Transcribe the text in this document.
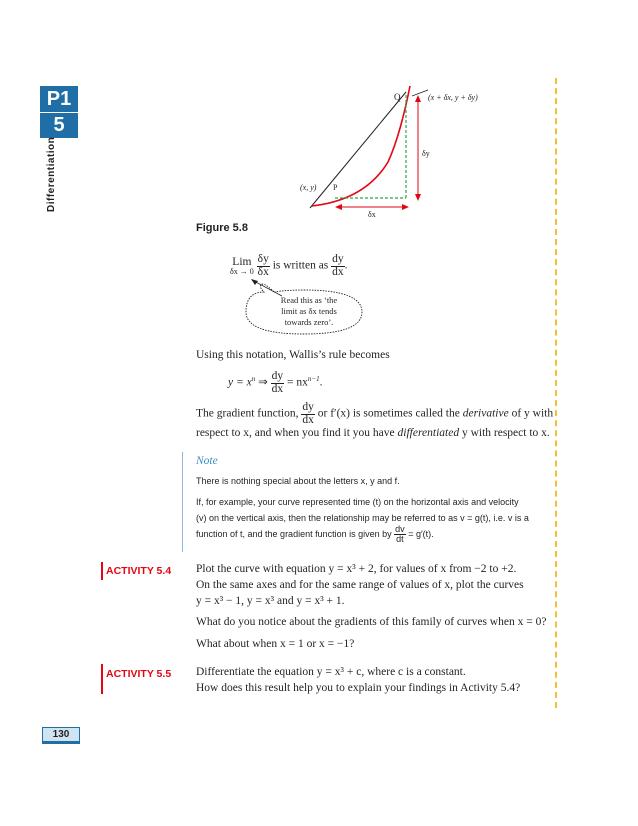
P1
5
Differentiation
130
Q	(x + δx, y + δy)
δy
(x, y) P
δx
Figure 5.8
Lim
δx → 0
$\frac{\delta y}{\delta x}$ is written as $\frac{dy}{dx}$ .
Read this as ‘the
limit as δx tends
towards zero’.
Using this notation, Wallis’s rule becomes
$y = x^n$ ⇒ $\frac{dy}{dx} = nx^{n-1}$.
The gradient function, $\frac{dy}{dx}$ or f′(x) is sometimes called the derivative of y with
respect to x, and when you find it you have differentiated y with respect to x.
Note
There is nothing special about the letters x, y and f.
If, for example, your curve represented time (t) on the horizontal axis and velocity
(v) on the vertical axis, then the relationship may be referred to as v = g(t), i.e. v is a
function of t, and the gradient function is given by $\frac{dv}{dt} = g'(t)$.
ACTIVITY 5.4 Plot the curve with equation y = x³ + 2, for values of x from −2 to +2.
On the same axes and for the same range of values of x, plot the curves
y = x³ − 1, y = x³ and y = x³ + 1.
What do you notice about the gradients of this family of curves when x = 0?
What about when x = 1 or x = −1?
ACTIVITY 5.5 Differentiate the equation y = x³ + c, where c is a constant.
How does this result help you to explain your findings in Activity 5.4?
